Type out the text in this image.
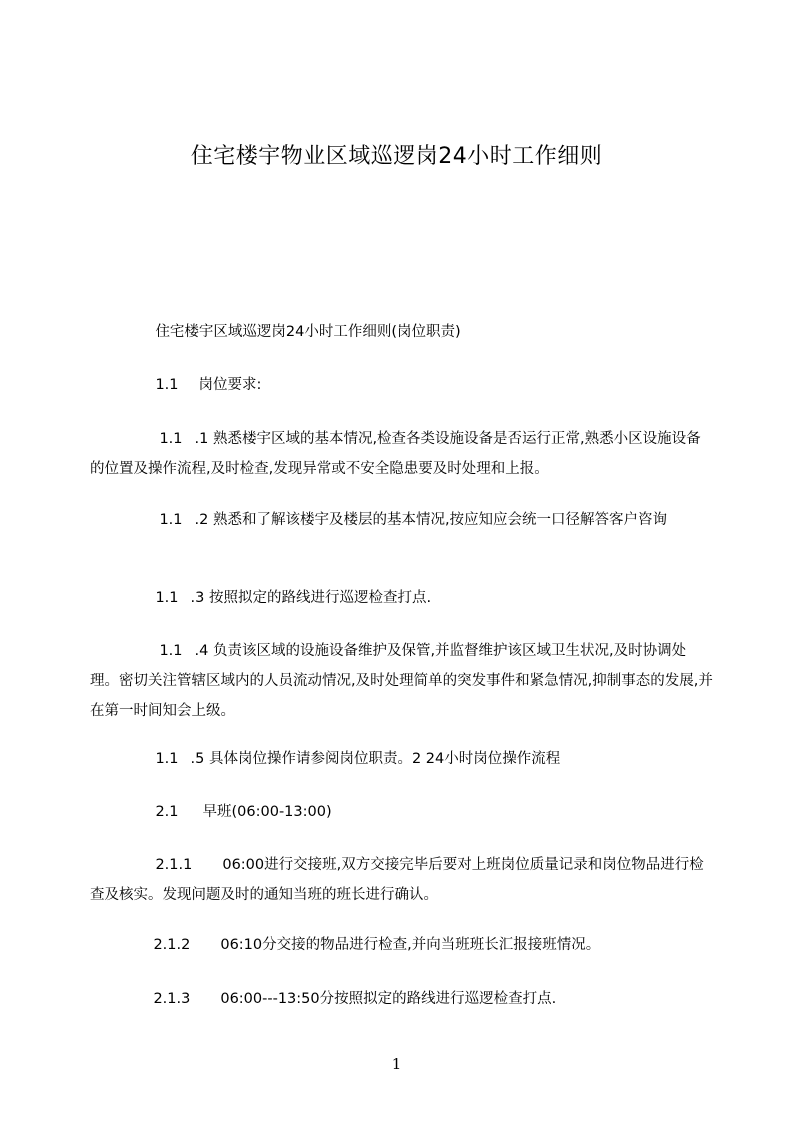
住宅楼宇物业区域巡逻岗24小时工作细则

住宅楼宇区域巡逻岗24小时工作细则(岗位职责)

1.1 岗位要求:

1.1 .1 熟悉楼宇区域的基本情况,检查各类设施设备是否运行正常,熟悉小区设施设备的位置及操作流程,及时检查,发现异常或不安全隐患要及时处理和上报。

1.1 .2 熟悉和了解该楼宇及楼层的基本情况,按应知应会统一口径解答客户咨询

1.1 .3 按照拟定的路线进行巡逻检查打点.

1.1 .4 负责该区域的设施设备维护及保管,并监督维护该区域卫生状况,及时协调处理。密切关注管辖区域内的人员流动情况,及时处理简单的突发事件和紧急情况,抑制事态的发展,并在第一时间知会上级。

1.1 .5 具体岗位操作请参阅岗位职责。2 24小时岗位操作流程

2.1 早班(06:00-13:00)

2.1.1 06:00进行交接班,双方交接完毕后要对上班岗位质量记录和岗位物品进行检查及核实。发现问题及时的通知当班的班长进行确认。

2.1.2 06:10分交接的物品进行检查,并向当班班长汇报接班情况。

2.1.3 06:00---13:50分按照拟定的路线进行巡逻检查打点.

1
